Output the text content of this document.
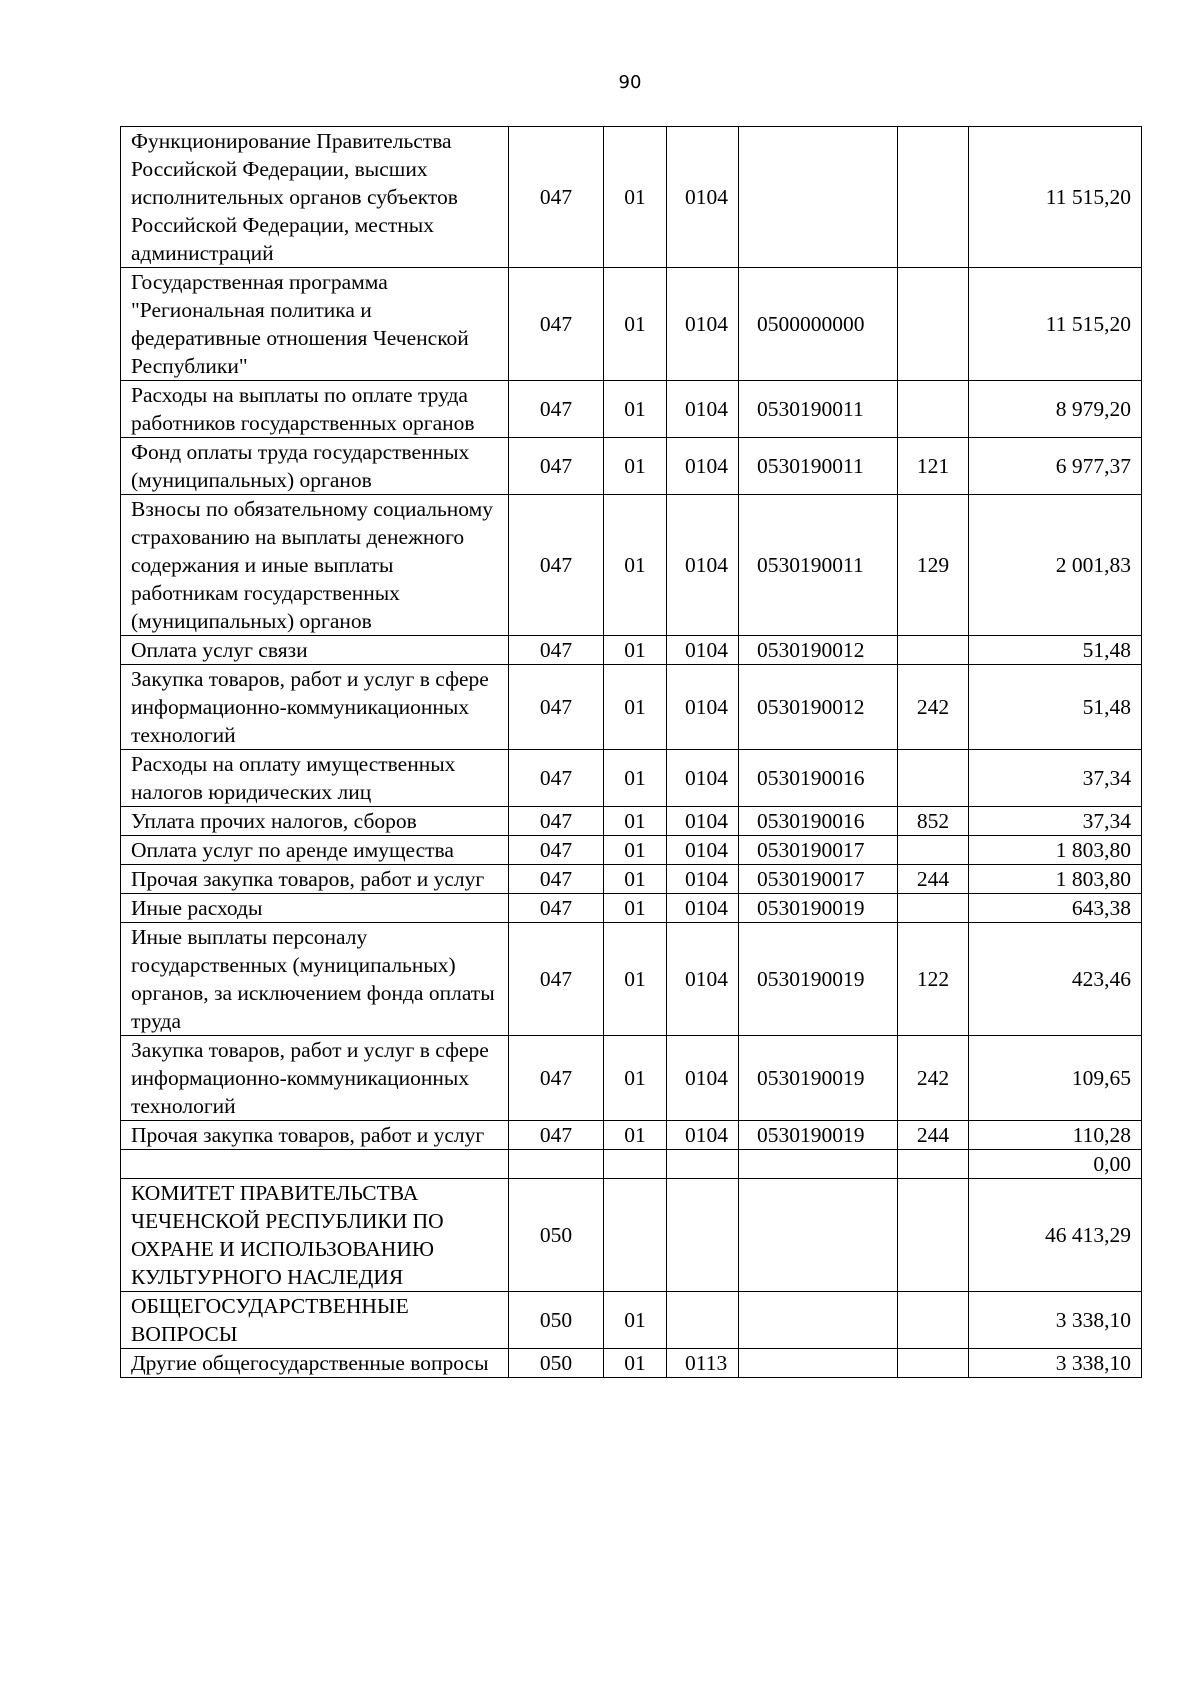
90
Функционирование Правительства Российской Федерации, высших исполнительных органов субъектов Российской Федерации, местных администраций	047	01	0104			11 515,20
Государственная программа "Региональная политика и федеративные отношения Чеченской Республики"	047	01	0104	0500000000		11 515,20
Расходы на выплаты по оплате труда работников государственных органов	047	01	0104	0530190011		8 979,20
Фонд оплаты труда государственных (муниципальных) органов	047	01	0104	0530190011	121	6 977,37
Взносы по обязательному социальному страхованию на выплаты денежного содержания и иные выплаты работникам государственных (муниципальных) органов	047	01	0104	0530190011	129	2 001,83
Оплата услуг связи	047	01	0104	0530190012		51,48
Закупка товаров, работ и услуг в сфере информационно-коммуникационных технологий	047	01	0104	0530190012	242	51,48
Расходы на оплату имущественных налогов юридических лиц	047	01	0104	0530190016		37,34
Уплата прочих налогов, сборов	047	01	0104	0530190016	852	37,34
Оплата услуг по аренде имущества	047	01	0104	0530190017		1 803,80
Прочая закупка товаров, работ и услуг	047	01	0104	0530190017	244	1 803,80
Иные расходы	047	01	0104	0530190019		643,38
Иные выплаты персоналу государственных (муниципальных) органов, за исключением фонда оплаты труда	047	01	0104	0530190019	122	423,46
Закупка товаров, работ и услуг в сфере информационно-коммуникационных технологий	047	01	0104	0530190019	242	109,65
Прочая закупка товаров, работ и услуг	047	01	0104	0530190019	244	110,28
						0,00
КОМИТЕТ ПРАВИТЕЛЬСТВА ЧЕЧЕНСКОЙ РЕСПУБЛИКИ ПО ОХРАНЕ И ИСПОЛЬЗОВАНИЮ КУЛЬТУРНОГО НАСЛЕДИЯ	050					46 413,29
ОБЩЕГОСУДАРСТВЕННЫЕ ВОПРОСЫ	050	01				3 338,10
Другие общегосударственные вопросы	050	01	0113			3 338,10
